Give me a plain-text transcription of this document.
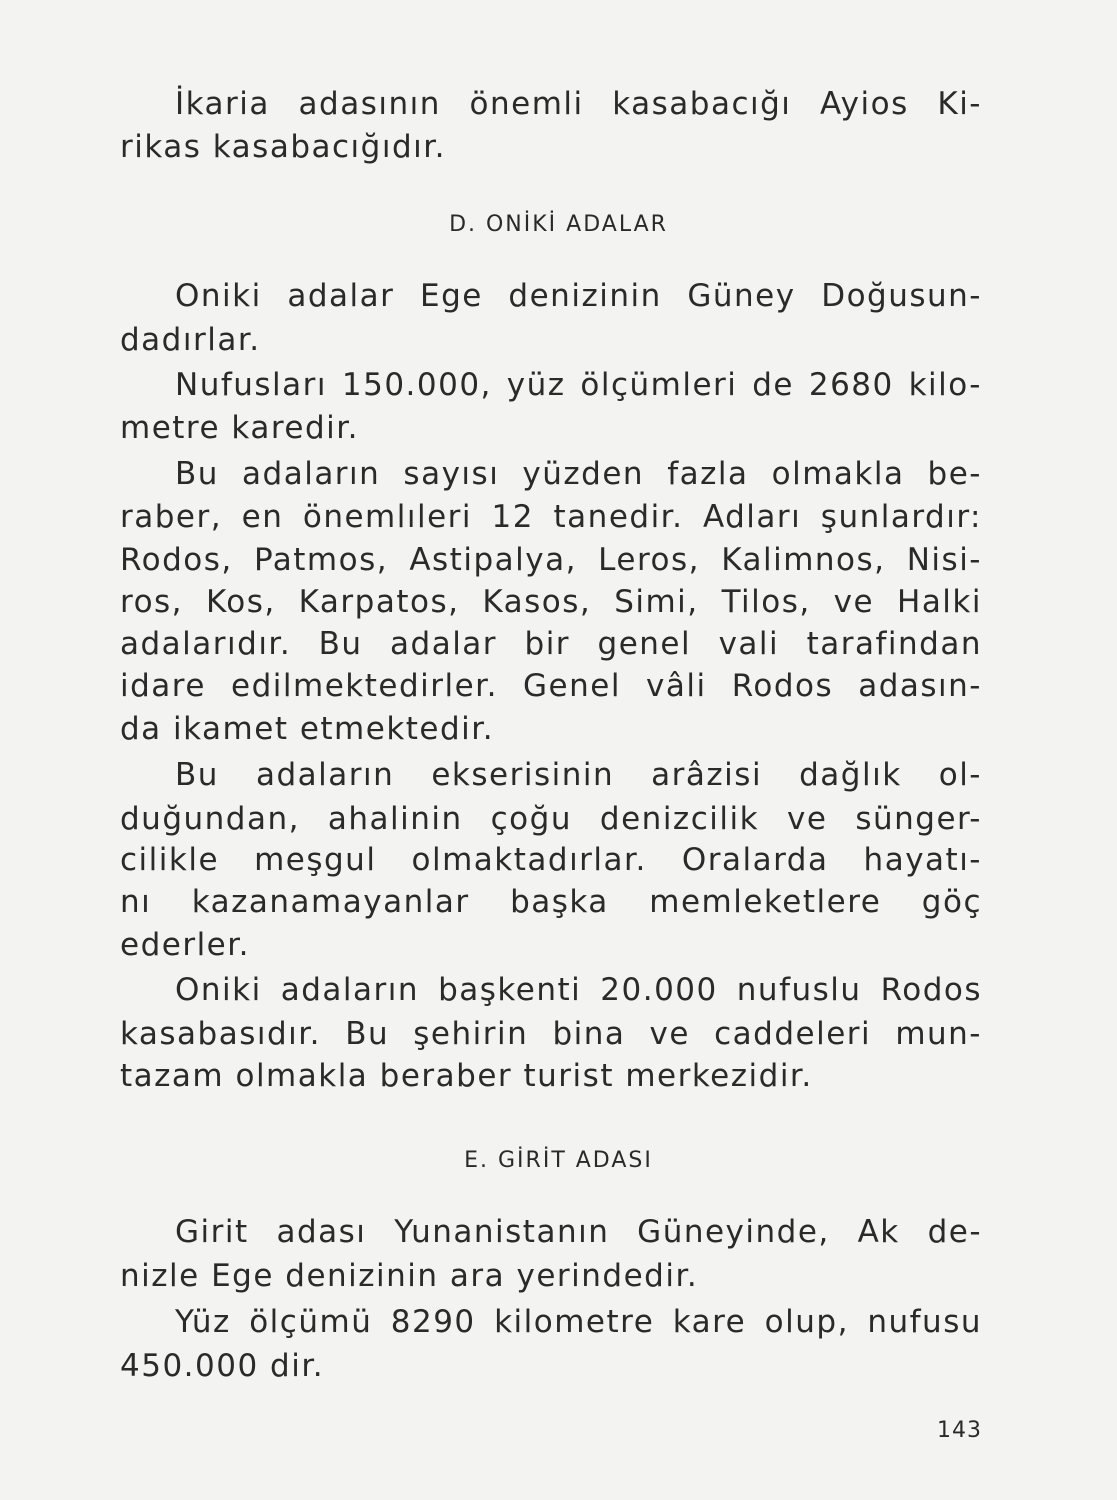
İkaria adasının önemli kasabacığı Ayios Ki-
rikas kasabacığıdır.
D. ONİKİ ADALAR
Oniki adalar Ege denizinin Güney Doğusun-
dadırlar.
Nufusları 150.000, yüz ölçümleri de 2680 kilo-
metre karedir.
Bu adaların sayısı yüzden fazla olmakla be-
raber, en önemlıleri 12 tanedir. Adları şunlardır:
Rodos, Patmos, Astipalya, Leros, Kalimnos, Nisi-
ros, Kos, Karpatos, Kasos, Simi, Tilos, ve Halki
adalarıdır. Bu adalar bir genel vali tarafindan
idare edilmektedirler. Genel vâli Rodos adasın-
da ikamet etmektedir.
Bu adaların ekserisinin arâzisi dağlık ol-
duğundan, ahalinin çoğu denizcilik ve sünger-
cilikle meşgul olmaktadırlar. Oralarda hayatı-
nı kazanamayanlar başka memleketlere göç
ederler.
Oniki adaların başkenti 20.000 nufuslu Rodos
kasabasıdır. Bu şehirin bina ve caddeleri mun-
tazam olmakla beraber turist merkezidir.
E. GİRİT ADASI
Girit adası Yunanistanın Güneyinde, Ak de-
nizle Ege denizinin ara yerindedir.
Yüz ölçümü 8290 kilometre kare olup, nufusu
450.000 dir.
143
